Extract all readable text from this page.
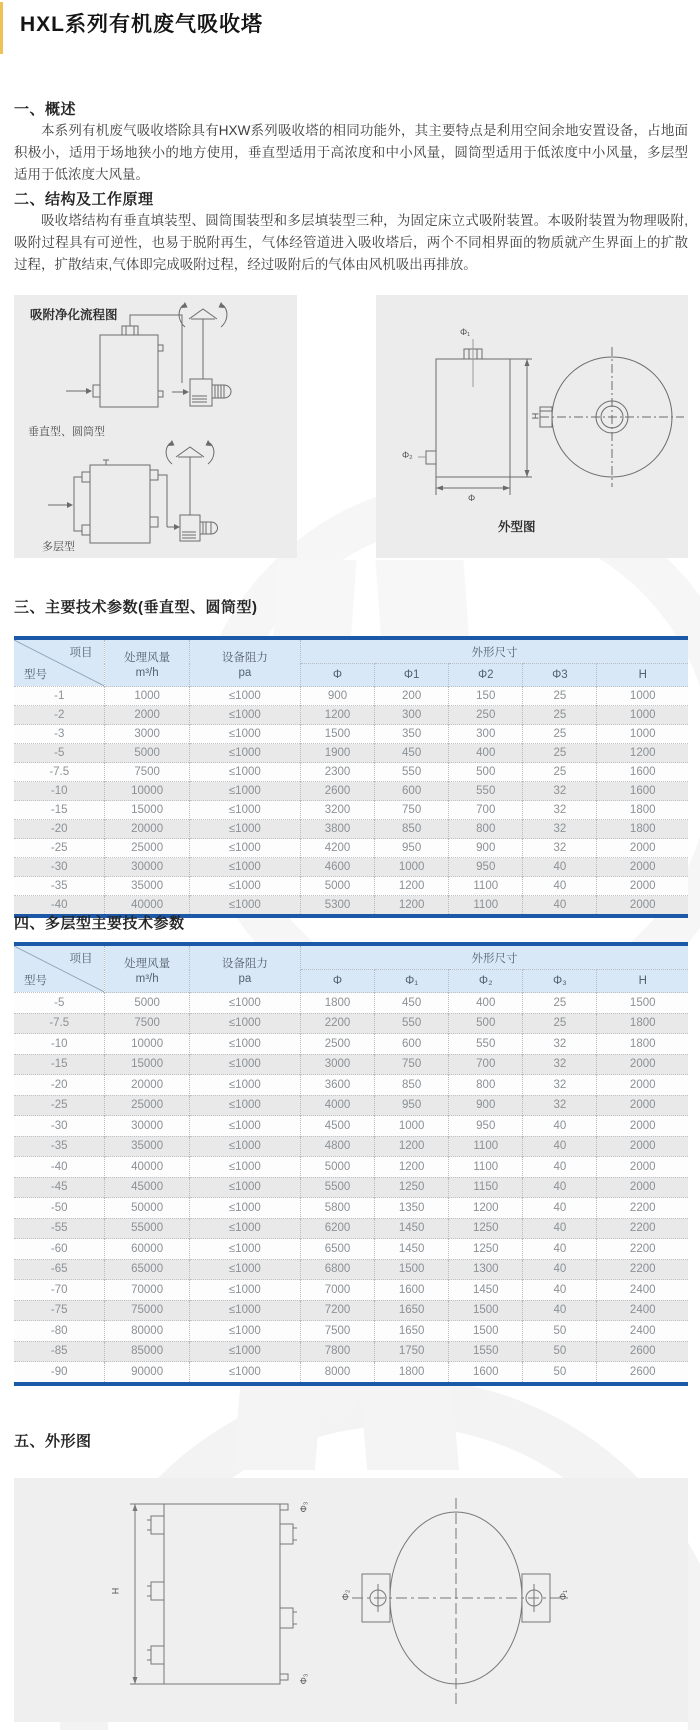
HXL系列有机废气吸收塔
一、概述
本系列有机废气吸收塔除具有HXW系列吸收塔的相同功能外，其主要特点是利用空间余地安置设备，占地面积极小，适用于场地狭小的地方使用，垂直型适用于高浓度和中小风量，圆筒型适用于低浓度中小风量，多层型适用于低浓度大风量。
二、结构及工作原理
吸收塔结构有垂直填装型、圆筒围装型和多层填装型三种，为固定床立式吸附装置。本吸附装置为物理吸附,吸附过程具有可逆性，也易于脱附再生，气体经管道进入吸收塔后，两个不同相界面的物质就产生界面上的扩散过程，扩散结束,气体即完成吸附过程，经过吸附后的气体由风机吸出再排放。
吸附净化流程图
垂直型、圆筒型
多层型
Φ₁
H
Φ
Φ₂
外型图
三、主要技术参数(垂直型、圆筒型)
项目
型号

处理风量
m³/h

设备阻力
pa
	外形尺寸
			Φ	Φ1	Φ2	Φ3	H
-1	1000	≤1000	900	200	150	25	1000
-2	2000	≤1000	1200	300	250	25	1000
-3	3000	≤1000	1500	350	300	25	1000
-5	5000	≤1000	1900	450	400	25	1200
-7.5	7500	≤1000	2300	550	500	25	1600
-10	10000	≤1000	2600	600	550	32	1600
-15	15000	≤1000	3200	750	700	32	1800
-20	20000	≤1000	3800	850	800	32	1800
-25	25000	≤1000	4200	950	900	32	2000
-30	30000	≤1000	4600	1000	950	40	2000
-35	35000	≤1000	5000	1200	1100	40	2000
-40	40000	≤1000	5300	1200	1100	40	2000
四、多层型主要技术参数
项目
型号

处理风量
m³/h

设备阻力
pa
	外形尺寸
			Φ	Φ₁	Φ₂	Φ₃	H
-5	5000	≤1000	1800	450	400	25	1500
-7.5	7500	≤1000	2200	550	500	25	1800
-10	10000	≤1000	2500	600	550	32	1800
-15	15000	≤1000	3000	750	700	32	2000
-20	20000	≤1000	3600	850	800	32	2000
-25	25000	≤1000	4000	950	900	32	2000
-30	30000	≤1000	4500	1000	950	40	2000
-35	35000	≤1000	4800	1200	1100	40	2000
-40	40000	≤1000	5000	1200	1100	40	2000
-45	45000	≤1000	5500	1250	1150	40	2000
-50	50000	≤1000	5800	1350	1200	40	2200
-55	55000	≤1000	6200	1450	1250	40	2200
-60	60000	≤1000	6500	1450	1250	40	2200
-65	65000	≤1000	6800	1500	1300	40	2200
-70	70000	≤1000	7000	1600	1450	40	2400
-75	75000	≤1000	7200	1650	1500	40	2400
-80	80000	≤1000	7500	1650	1500	50	2400
-85	85000	≤1000	7800	1750	1550	50	2600
-90	90000	≤1000	8000	1800	1600	50	2600
五、外形图
H
Φ₃
Φ₃
Φ₂	Φ₁
